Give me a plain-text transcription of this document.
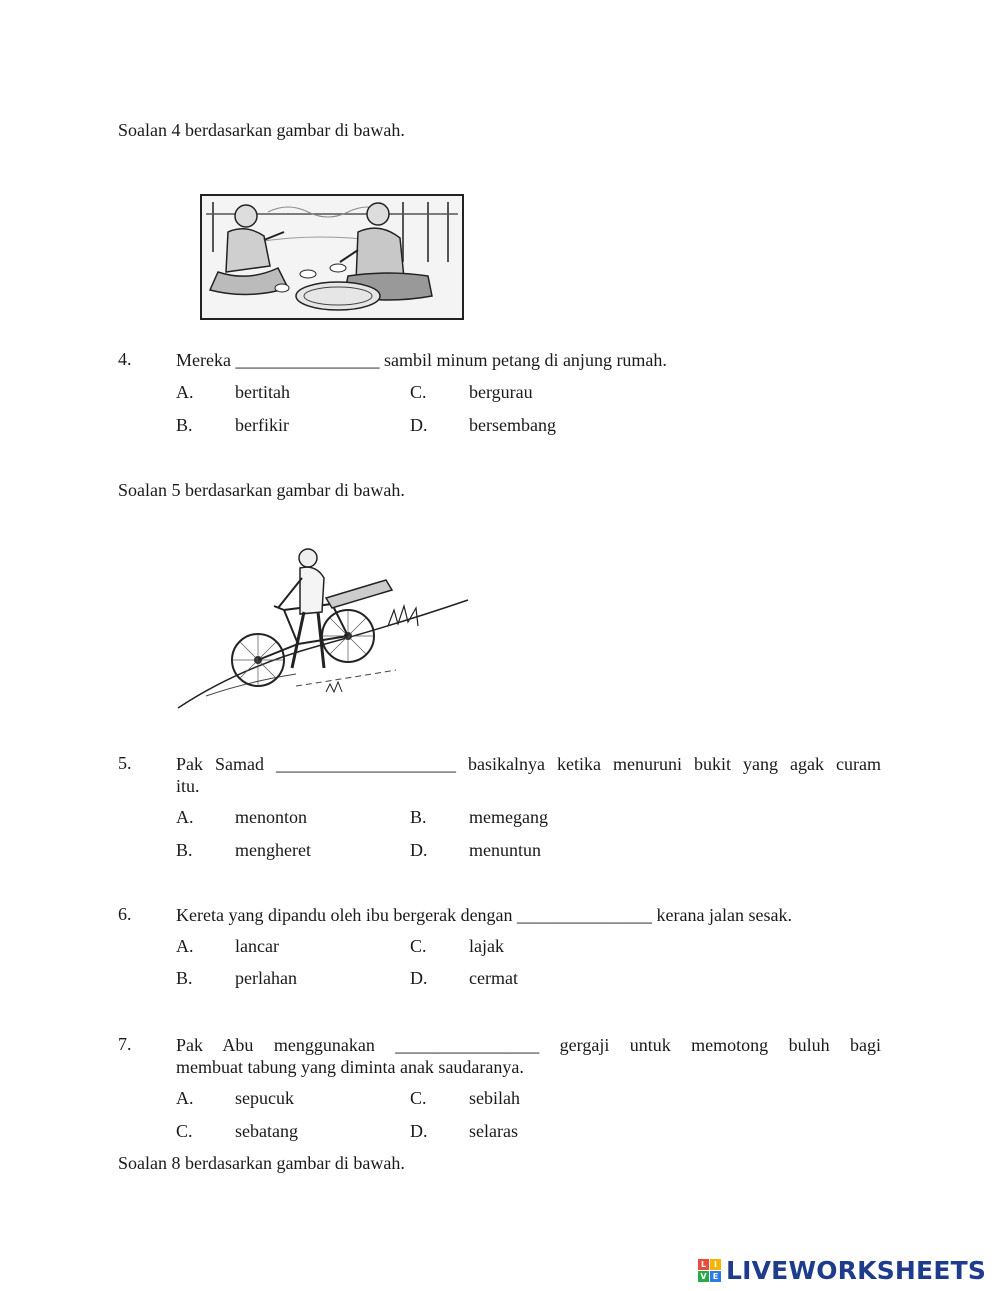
Soalan 4 berdasarkan gambar di bawah.
4. Mereka ________________ sambil minum petang di anjung rumah.
A. bertitah	C. bergurau
B. berfikir	D. bersembang
Soalan 5 berdasarkan gambar di bawah.
5. Pak Samad ____________________ basikalnya ketika menuruni bukit yang agak curam
itu.
A. menonton	B. memegang
B. mengheret	D. menuntun
6. Kereta yang dipandu oleh ibu bergerak dengan _______________ kerana jalan sesak.
A. lancar	C. lajak
B. perlahan	D. cermat
7. Pak Abu menggunakan ________________ gergaji untuk memotong buluh bagi
membuat tabung yang diminta anak saudaranya.
A. sepucuk	C. sebilah
C. sebatang	D. selaras
Soalan 8 berdasarkan gambar di bawah.
L I
V E LIVEWORKSHEETS
